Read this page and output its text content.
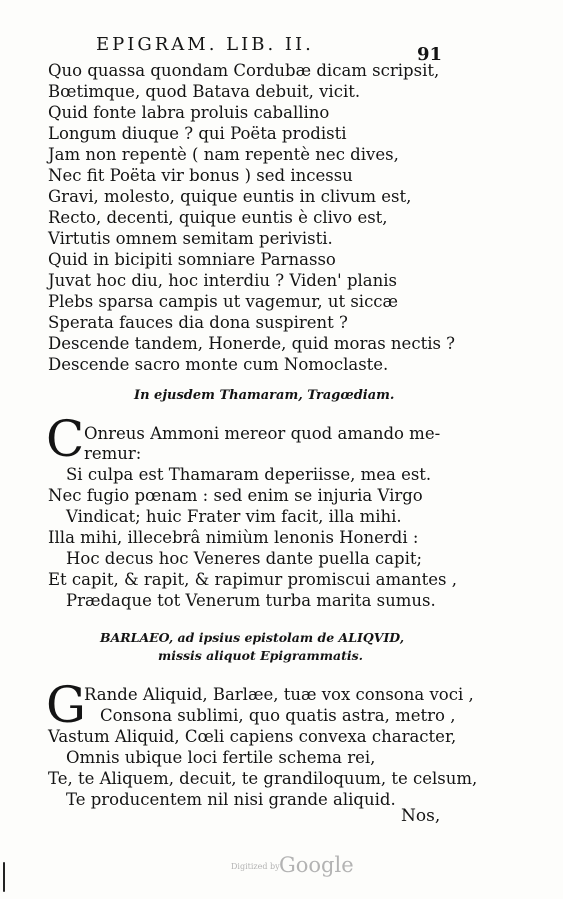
EPIGRAM. LIB. II.	91
Quo quassa quondam Cordubæ dicam scripsit,
Bœtimque, quod Batava debuit, vicit.
Quid fonte labra proluis caballino
Longum diuque ? qui Poëta prodisti
Jam non repentè ( nam repentè nec dives,
Nec fit Poëta vir bonus ) sed incessu
Gravi, molesto, quique euntis in clivum est,
Recto, decenti, quique euntis è clivo est,
Virtutis omnem semitam perivisti.
Quid in bicipiti somniare Parnasso
Juvat hoc diu, hoc interdiu ? Viden' planis
Plebs sparsa campis ut vagemur, ut siccæ
Sperata fauces dia dona suspirent ?
Descende tandem, Honerde, quid moras nectis ?
Descende sacro monte cum Nomoclaste.
In ejusdem Thamaram, Tragœdiam.
C Onreus Ammoni mereor quod amando me-
remur:
Si culpa est Thamaram deperiisse, mea est.
Nec fugio pœnam : sed enim se injuria Virgo
Vindicat; huic Frater vim facit, illa mihi.
Illa mihi, illecebrâ nimiùm lenonis Honerdi :
Hoc decus hoc Veneres dante puella capit;
Et capit, & rapit, & rapimur promiscui amantes ,
Prædaque tot Venerum turba marita sumus.
BARLAEO, ad ipsius epistolam de ALIQVID,
missis aliquot Epigrammatis.
G
Rande Aliquid, Barlæe, tuæ vox consona voci ,
Consona sublimi, quo quatis astra, metro ,
Vastum Aliquid, Cœli capiens convexa character,
Omnis ubique loci fertile schema rei,
Te, te Aliquem, decuit, te grandiloquum, te celsum,
Te producentem nil nisi grande aliquid.
Nos,
Digitized by Google
